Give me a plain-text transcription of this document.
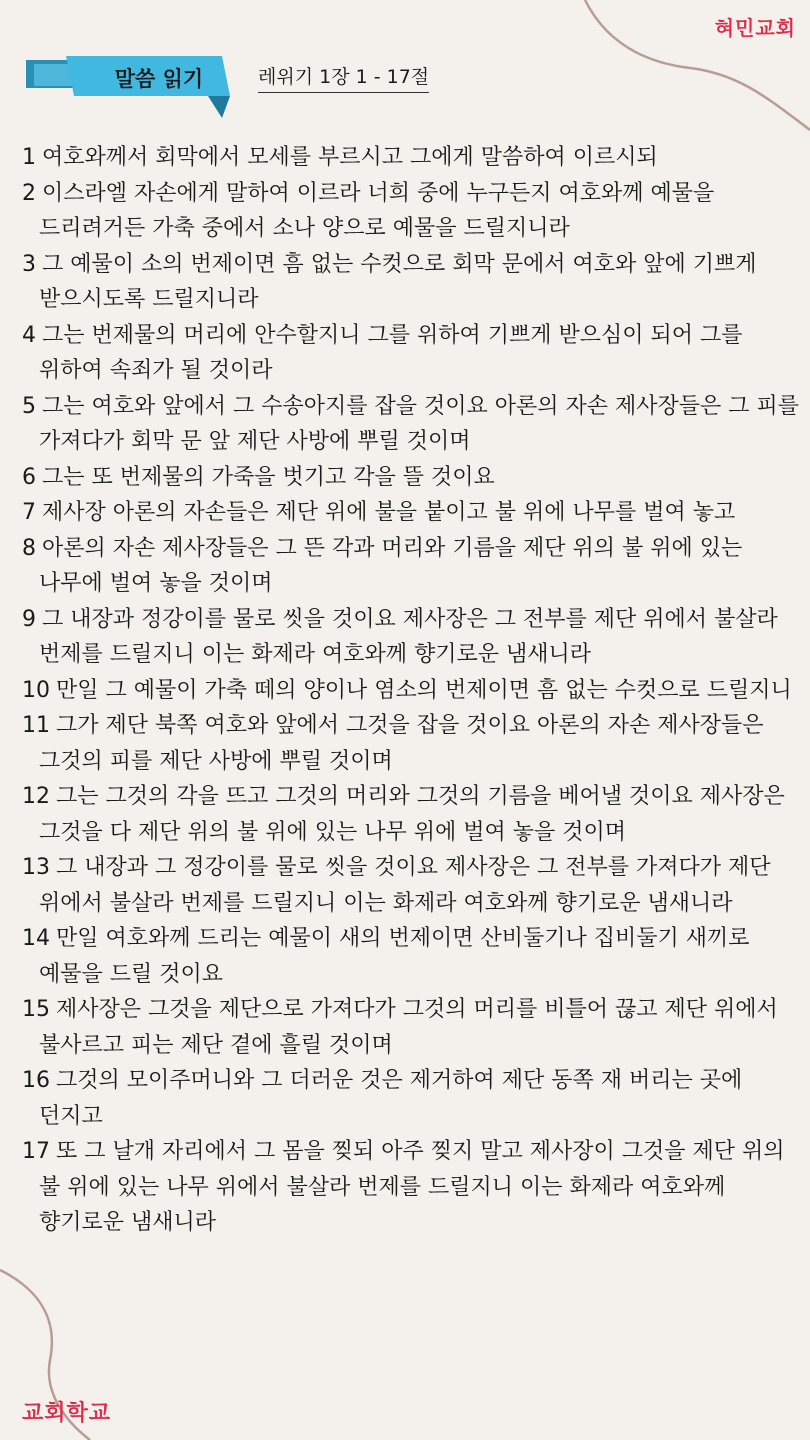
혀민교회
말씀 읽기	레위기 1장 1 - 17절
1 여호와께서 회막에서 모세를 부르시고 그에게 말씀하여 이르시되
2 이스라엘 자손에게 말하여 이르라 너희 중에 누구든지 여호와께 예물을 드리려거든 가축 중에서 소나 양으로 예물을 드릴지니라
3 그 예물이 소의 번제이면 흠 없는 수컷으로 회막 문에서 여호와 앞에 기쁘게 받으시도록 드릴지니라
4 그는 번제물의 머리에 안수할지니 그를 위하여 기쁘게 받으심이 되어 그를 위하여 속죄가 될 것이라
5 그는 여호와 앞에서 그 수송아지를 잡을 것이요 아론의 자손 제사장들은 그 피를 가져다가 회막 문 앞 제단 사방에 뿌릴 것이며
6 그는 또 번제물의 가죽을 벗기고 각을 뜰 것이요
7 제사장 아론의 자손들은 제단 위에 불을 붙이고 불 위에 나무를 벌여 놓고
8 아론의 자손 제사장들은 그 뜬 각과 머리와 기름을 제단 위의 불 위에 있는 나무에 벌여 놓을 것이며
9 그 내장과 정강이를 물로 씻을 것이요 제사장은 그 전부를 제단 위에서 불살라 번제를 드릴지니 이는 화제라 여호와께 향기로운 냄새니라
10 만일 그 예물이 가축 떼의 양이나 염소의 번제이면 흠 없는 수컷으로 드릴지니
11 그가 제단 북쪽 여호와 앞에서 그것을 잡을 것이요 아론의 자손 제사장들은 그것의 피를 제단 사방에 뿌릴 것이며
12 그는 그것의 각을 뜨고 그것의 머리와 그것의 기름을 베어낼 것이요 제사장은 그것을 다 제단 위의 불 위에 있는 나무 위에 벌여 놓을 것이며
13 그 내장과 그 정강이를 물로 씻을 것이요 제사장은 그 전부를 가져다가 제단 위에서 불살라 번제를 드릴지니 이는 화제라 여호와께 향기로운 냄새니라
14 만일 여호와께 드리는 예물이 새의 번제이면 산비둘기나 집비둘기 새끼로 예물을 드릴 것이요
15 제사장은 그것을 제단으로 가져다가 그것의 머리를 비틀어 끊고 제단 위에서 불사르고 피는 제단 곁에 흘릴 것이며
16 그것의 모이주머니와 그 더러운 것은 제거하여 제단 동쪽 재 버리는 곳에 던지고
17 또 그 날개 자리에서 그 몸을 찢되 아주 찢지 말고 제사장이 그것을 제단 위의 불 위에 있는 나무 위에서 불살라 번제를 드릴지니 이는 화제라 여호와께 향기로운 냄새니라
교회학교
